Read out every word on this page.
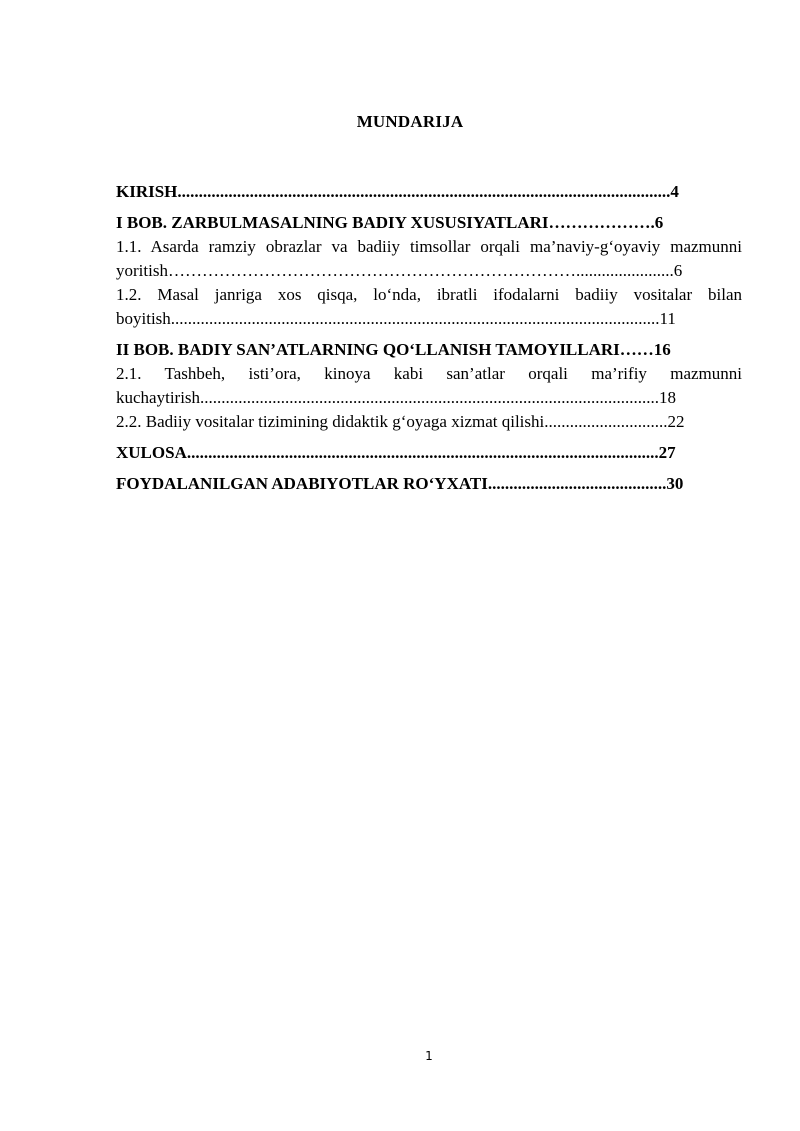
MUNDARIJA
KIRISH....................................................................................................................4
I BOB. ZARBULMASALNING BADIY XUSUSIYATLARI……………….6
1.1. Asarda ramziy obrazlar va badiiy timsollar orqali ma’naviy-g‘oyaviy mazmunni
yoritish……………………………………………………………….......................6
1.2. Masal janriga xos qisqa, lo‘nda, ibratli ifodalarni badiiy vositalar bilan
boyitish...................................................................................................................11
II BOB. BADIY SAN’ATLARNING QO‘LLANISH TAMOYILLARI……16
2.1. Tashbeh, isti’ora, kinoya kabi san’atlar orqali ma’rifiy mazmunni
kuchaytirish............................................................................................................18
2.2. Badiiy vositalar tizimining didaktik g‘oyaga xizmat qilishi.............................22
XULOSA...............................................................................................................27
FOYDALANILGAN ADABIYOTLAR RO‘YXATI..........................................30
1
